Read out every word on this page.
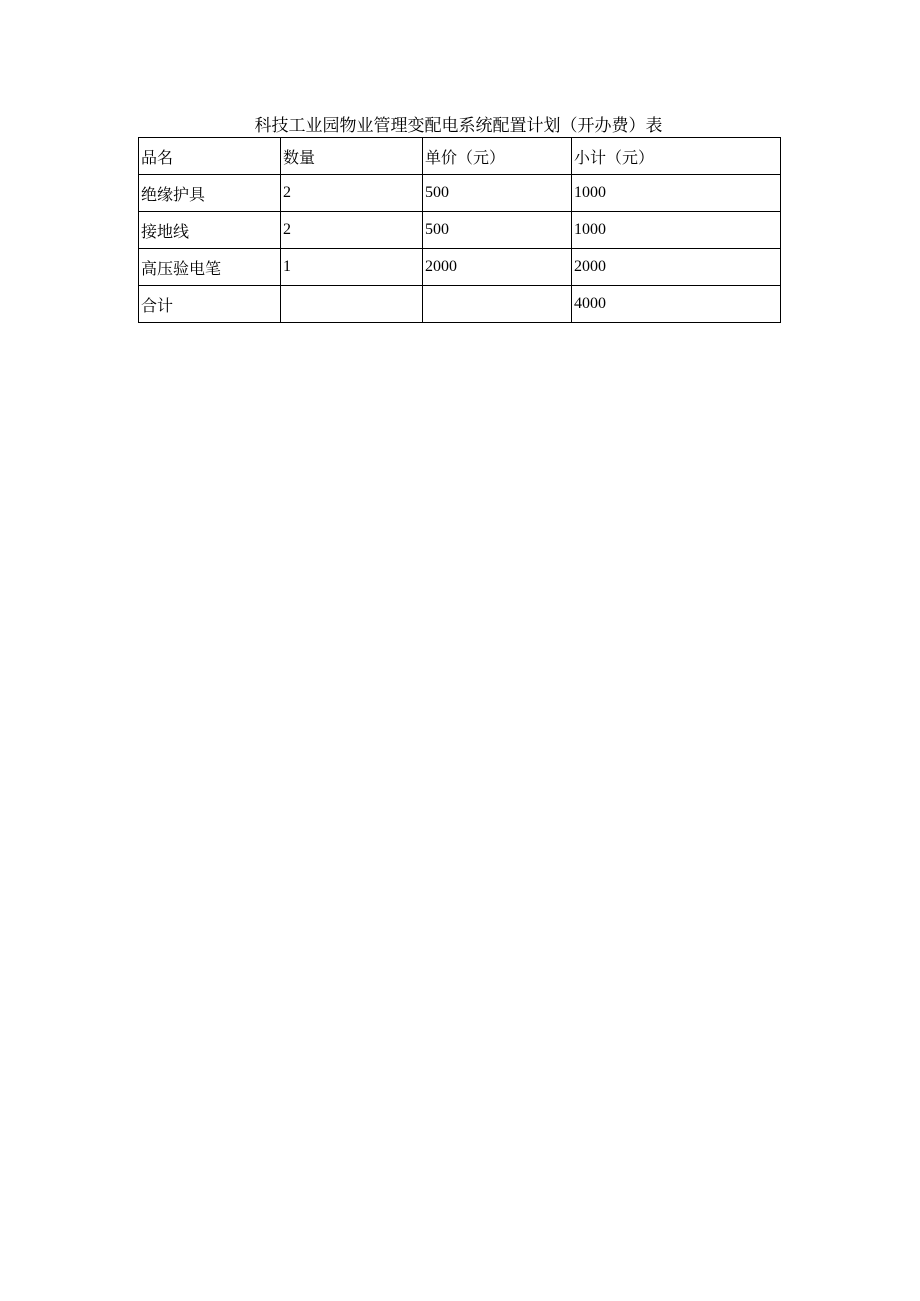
科技工业园物业管理变配电系统配置计划（开办费）表
品名	数量	单价（元）	小计（元）
绝缘护具	2	500	1000
接地线	2	500	1000
高压验电笔	1	2000	2000
合计			4000
